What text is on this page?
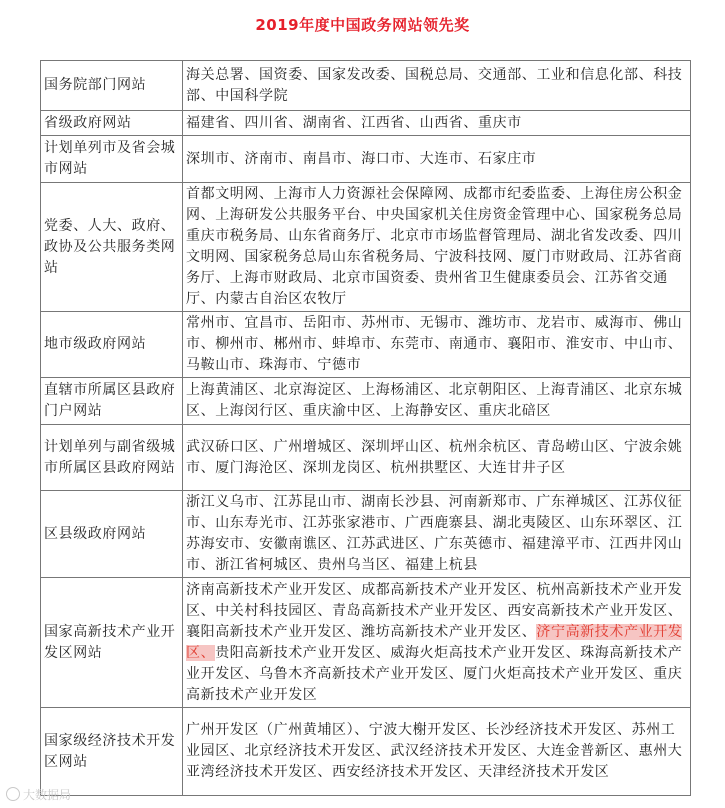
2019年度中国政务网站领先奖
国务院部门网站	海关总署、国资委、国家发改委、国税总局、交通部、工业和信息化部、科技部、中国科学院
省级政府网站	福建省、四川省、湖南省、江西省、山西省、重庆市
计划单列市及省会城市网站	深圳市、济南市、南昌市、海口市、大连市、石家庄市
党委、人大、政府、政协及公共服务类网站	首都文明网、上海市人力资源社会保障网、成都市纪委监委、上海住房公积金网、上海研发公共服务平台、中央国家机关住房资金管理中心、国家税务总局重庆市税务局、山东省商务厅、北京市市场监督管理局、湖北省发改委、四川文明网、国家税务总局山东省税务局、宁波科技网、厦门市财政局、江苏省商务厅、上海市财政局、北京市国资委、贵州省卫生健康委员会、江苏省交通厅、内蒙古自治区农牧厅
地市级政府网站	常州市、宜昌市、岳阳市、苏州市、无锡市、潍坊市、龙岩市、威海市、佛山市、柳州市、郴州市、蚌埠市、东莞市、南通市、襄阳市、淮安市、中山市、马鞍山市、珠海市、宁德市
直辖市所属区县政府门户网站	上海黄浦区、北京海淀区、上海杨浦区、北京朝阳区、上海青浦区、北京东城区、上海闵行区、重庆渝中区、上海静安区、重庆北碚区
计划单列与副省级城市所属区县政府网站	武汉硚口区、广州增城区、深圳坪山区、杭州余杭区、青岛崂山区、宁波余姚市、厦门海沧区、深圳龙岗区、杭州拱墅区、大连甘井子区
区县级政府网站	浙江义乌市、江苏昆山市、湖南长沙县、河南新郑市、广东禅城区、江苏仪征市、山东寿光市、江苏张家港市、广西鹿寨县、湖北夷陵区、山东环翠区、江苏海安市、安徽南谯区、江苏武进区、广东英德市、福建漳平市、江西井冈山市、浙江省柯城区、贵州乌当区、福建上杭县
国家高新技术产业开发区网站	济南高新技术产业开发区、成都高新技术产业开发区、杭州高新技术产业开发区、中关村科技园区、青岛高新技术产业开发区、西安高新技术产业开发区、襄阳高新技术产业开发区、潍坊高新技术产业开发区、济宁高新技术产业开发区、贵阳高新技术产业开发区、威海火炬高技术产业开发区、珠海高新技术产业开发区、乌鲁木齐高新技术产业开发区、厦门火炬高技术产业开发区、重庆高新技术产业开发区
国家级经济技术开发区网站	广州开发区（广州黄埔区）、宁波大榭开发区、长沙经济技术开发区、苏州工业园区、北京经济技术开发区、武汉经济技术开发区、大连金普新区、惠州大亚湾经济技术开发区、西安经济技术开发区、天津经济技术开发区
大数据局
